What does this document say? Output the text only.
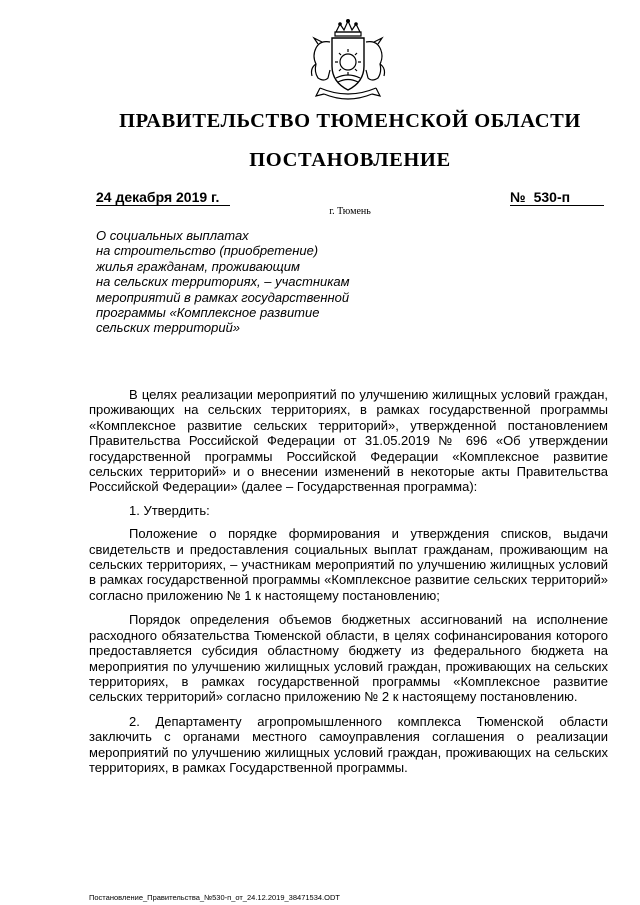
ПРАВИТЕЛЬСТВО ТЮМЕНСКОЙ ОБЛАСТИ
ПОСТАНОВЛЕНИЕ
24 декабря 2019 г.	№ 530-п
г. Тюмень
О социальных выплатах
на строительство (приобретение)
жилья гражданам, проживающим
на сельских территориях, – участникам
мероприятий в рамках государственной
программы «Комплексное развитие
сельских территорий»

В целях реализации мероприятий по улучшению жилищных условий граждан, проживающих на сельских территориях, в рамках государственной программы «Комплексное развитие сельских территорий», утвержденной постановлением Правительства Российской Федерации от 31.05.2019 № 696 «Об утверждении государственной программы Российской Федерации «Комплексное развитие сельских территорий» и о внесении изменений в некоторые акты Правительства Российской Федерации» (далее – Государственная программа):

1. Утвердить:

Положение о порядке формирования и утверждения списков, выдачи свидетельств и предоставления социальных выплат гражданам, проживающим на сельских территориях, – участникам мероприятий по улучшению жилищных условий в рамках государственной программы «Комплексное развитие сельских территорий» согласно приложению № 1 к настоящему постановлению;

Порядок определения объемов бюджетных ассигнований на исполнение расходного обязательства Тюменской области, в целях софинансирования которого предоставляется субсидия областному бюджету из федерального бюджета на мероприятия по улучшению жилищных условий граждан, проживающих на сельских территориях, в рамках государственной программы «Комплексное развитие сельских территорий» согласно приложению № 2 к настоящему постановлению.

2. Департаменту агропромышленного комплекса Тюменской области заключить с органами местного самоуправления соглашения о реализации мероприятий по улучшению жилищных условий граждан, проживающих на сельских территориях, в рамках Государственной программы.

Постановление_Правительства_№530-п_от_24.12.2019_38471534.ODT
